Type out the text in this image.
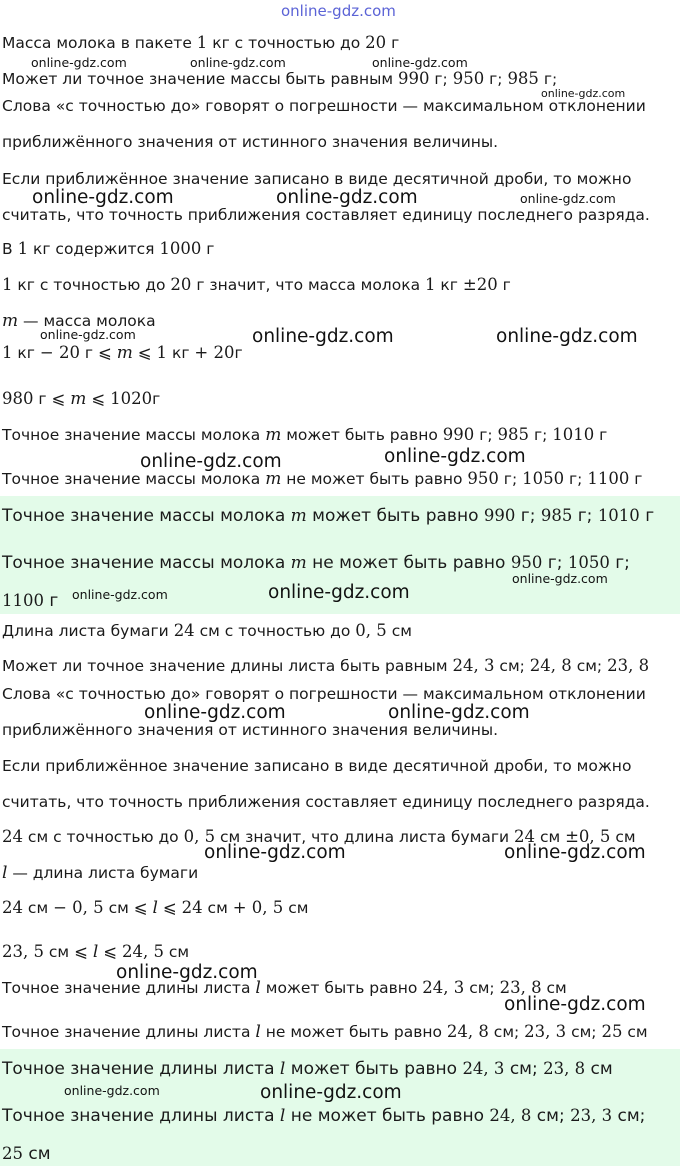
online-gdz.com
Масса молока в пакете 1 кг с точностью до 20 г
Может ли точное значение массы быть равным 990 г; 950 г; 985 г;
Слова «с точностью до» говорят о погрешности — максимальном отклонении
приближённого значения от истинного значения величины.
Если приближённое значение записано в виде десятичной дроби, то можно
считать, что точность приближения составляет единицу последнего разряда.
В 1 кг содержится 1000 г
1 кг с точностью до 20 г значит, что масса молока 1 кг ±20 г
m — масса молока
1 кг − 20 г ⩽ m ⩽ 1 кг + 20г
980 г ⩽ m ⩽ 1020г
Точное значение массы молока m может быть равно 990 г; 985 г; 1010 г
Точное значение массы молока m не может быть равно 950 г; 1050 г; 1100 г
Точное значение массы молока m может быть равно 990 г; 985 г; 1010 г
Точное значение массы молока m не может быть равно 950 г; 1050 г;
1100 г
Длина листа бумаги 24 см с точностью до 0, 5 см
Может ли точное значение длины листа быть равным 24, 3 см; 24, 8 см; 23, 8
Слова «с точностью до» говорят о погрешности — максимальном отклонении
приближённого значения от истинного значения величины.
Если приближённое значение записано в виде десятичной дроби, то можно
считать, что точность приближения составляет единицу последнего разряда.
24 см с точностью до 0, 5 см значит, что длина листа бумаги 24 см ±0, 5 см
l — длина листа бумаги
24 см − 0, 5 см ⩽ l ⩽ 24 см + 0, 5 см
23, 5 см ⩽ l ⩽ 24, 5 см
Точное значение длины листа l может быть равно 24, 3 см; 23, 8 см
Точное значение длины листа l не может быть равно 24, 8 см; 23, 3 см; 25 см
Точное значение длины листа l может быть равно 24, 3 см; 23, 8 см
Точное значение длины листа l не может быть равно 24, 8 см; 23, 3 см;
25 см
online-gdz.com	online-gdz.com	online-gdz.com
online-gdz.com
online-gdz.com	online-gdz.com	online-gdz.com
online-gdz.com	online-gdz.com	online-gdz.com
online-gdz.com	online-gdz.com
online-gdz.com
online-gdz.com	online-gdz.com
online-gdz.com	online-gdz.com
online-gdz.com	online-gdz.com
online-gdz.com
online-gdz.com
online-gdz.com	online-gdz.com
